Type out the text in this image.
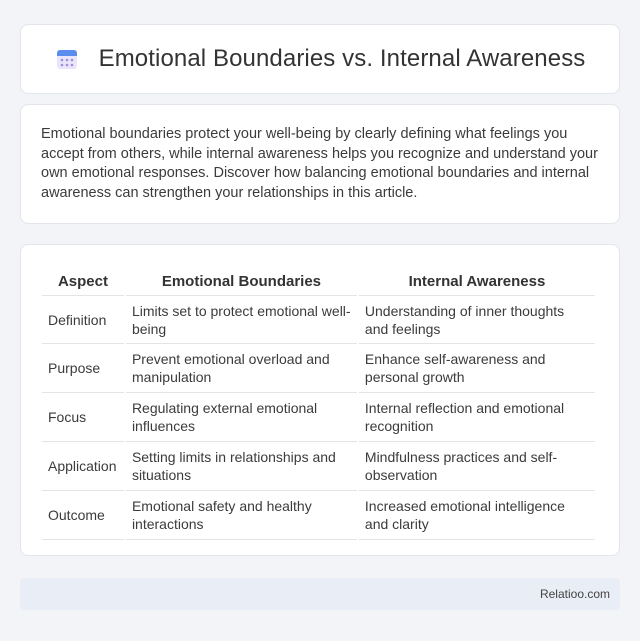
Emotional Boundaries vs. Internal Awareness

Emotional boundaries protect your well-being by clearly defining what feelings you accept from others, while internal awareness helps you recognize and understand your own emotional responses. Discover how balancing emotional boundaries and internal awareness can strengthen your relationships in this article.

Aspect	Emotional Boundaries	Internal Awareness
Definition	Limits set to protect emotional well-being	Understanding of inner thoughts and feelings
Purpose	Prevent emotional overload and manipulation	Enhance self-awareness and personal growth
Focus	Regulating external emotional influences	Internal reflection and emotional recognition
Application	Setting limits in relationships and situations	Mindfulness practices and self-observation
Outcome	Emotional safety and healthy interactions	Increased emotional intelligence and clarity
Relatioo.com
